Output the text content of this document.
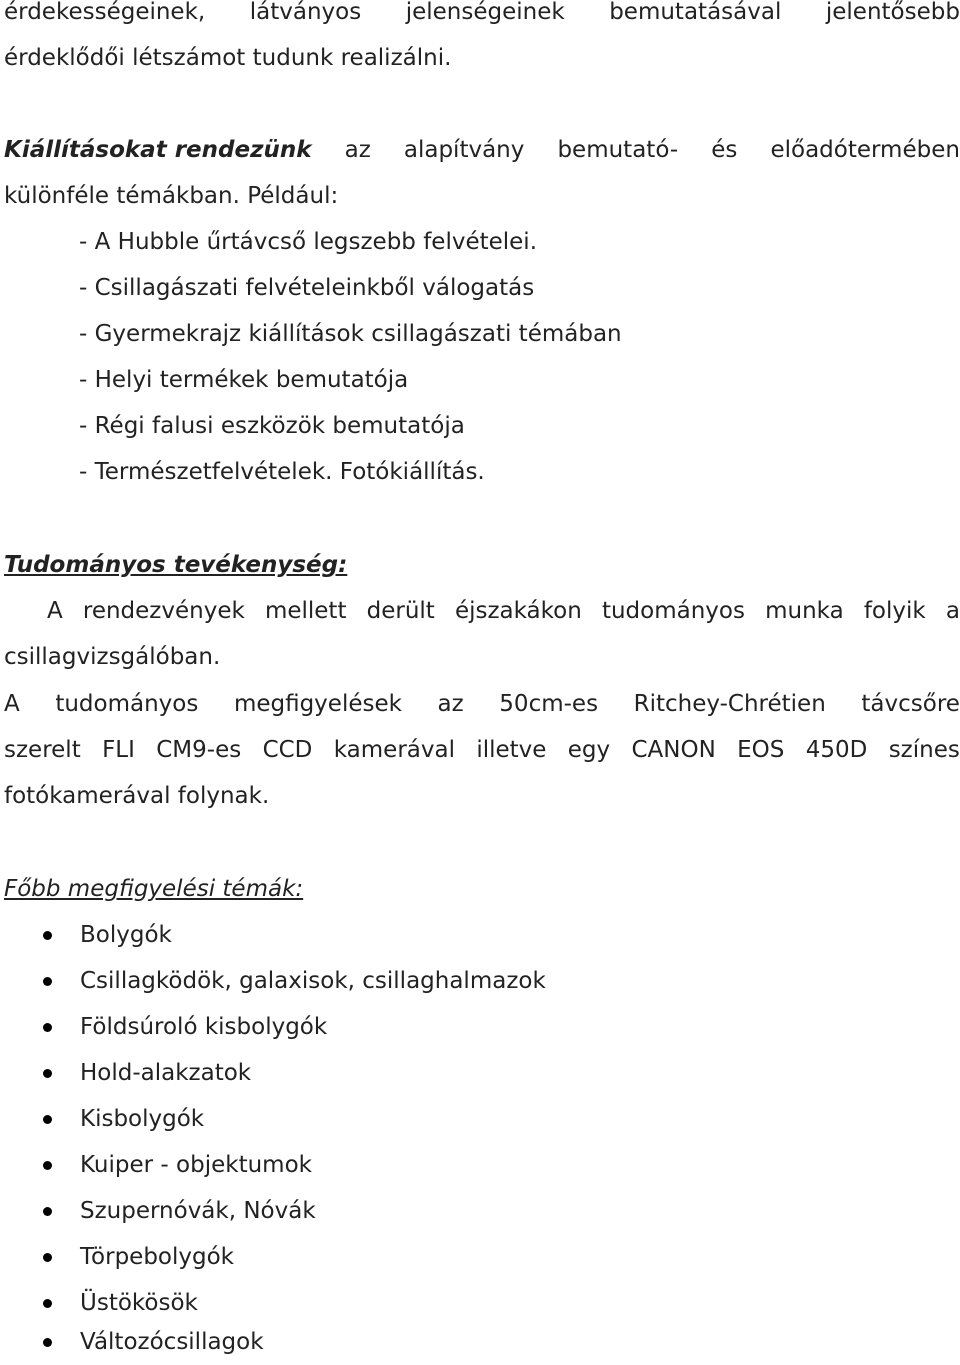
érdekességeinek, látványos jelenségeinek bemutatásával jelentősebb
érdeklődői létszámot tudunk realizálni.
Kiállításokat rendezünk az alapítvány bemutató- és előadótermében
különféle témákban. Például:
- A Hubble űrtávcső legszebb felvételei.
- Csillagászati felvételeinkből válogatás
- Gyermekrajz kiállítások csillagászati témában
- Helyi termékek bemutatója
- Régi falusi eszközök bemutatója
- Természetfelvételek. Fotókiállítás.
Tudományos tevékenység:
A rendezvények mellett derült éjszakákon tudományos munka folyik a
csillagvizsgálóban.
A tudományos megfigyelések az 50cm-es Ritchey-Chrétien távcsőre
szerelt FLI CM9-es CCD kamerával illetve egy CANON EOS 450D színes
fotókamerával folynak.
Főbb megfigyelési témák:
Bolygók
Csillagködök, galaxisok, csillaghalmazok
Földsúroló kisbolygók
Hold-alakzatok
Kisbolygók
Kuiper - objektumok
Szupernóvák, Nóvák
Törpebolygók
Üstökösök
Változócsillagok
